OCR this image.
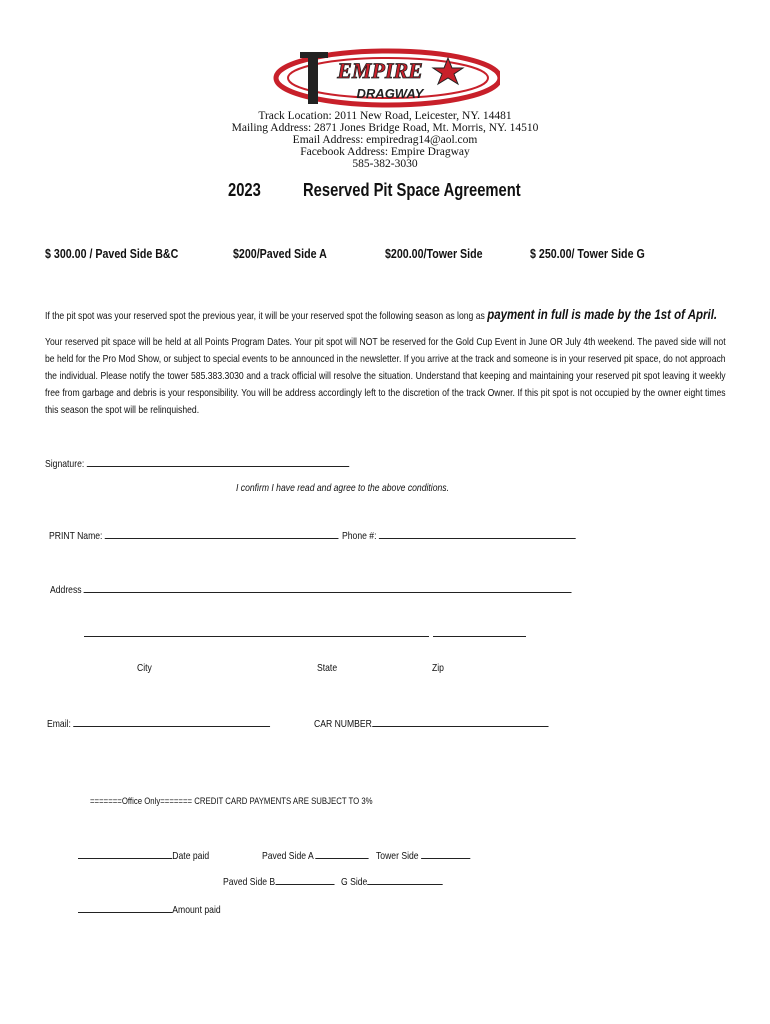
EMPIRE
DRAGWAY
Track Location: 2011 New Road, Leicester, NY. 14481
Mailing Address: 2871 Jones Bridge Road, Mt. Morris, NY. 14510
Email Address: empiredrag14@aol.com
Facebook Address: Empire Dragway
585-382-3030
2023 Reserved Pit Space Agreement
$ 300.00 / Paved Side B&C	$200/Paved Side A	$200.00/Tower Side	$ 250.00/ Tower Side G
If the pit spot was your reserved spot the previous year, it will be your reserved spot the following season as long as payment in full is made by the 1st of April.
Your reserved pit space will be held at all Points Program Dates. Your pit spot will NOT be reserved for the Gold Cup Event in June OR July 4th weekend. The paved side will not be held for the Pro Mod Show, or subject to special events to be announced in the newsletter. If you arrive at the track and someone is in your reserved pit space, do not approach the individual. Please notify the tower 585.383.3030 and a track official will resolve the situation. Understand that keeping and maintaining your reserved pit spot leaving it weekly free from garbage and debris is your responsibility. You will be address accordingly left to the discretion of the track Owner. If this pit spot is not occupied by the owner eight times this season the spot will be relinquished.
Signature:
I confirm I have read and agree to the above conditions.
PRINT Name:	Phone #:
Address
City	State	Zip
Email:	CAR NUMBER
=======Office Only======= CREDIT CARD PAYMENTS ARE SUBJECT TO 3%
Date paid	Paved Side A	Tower Side
Paved Side B	G Side
Amount paid
